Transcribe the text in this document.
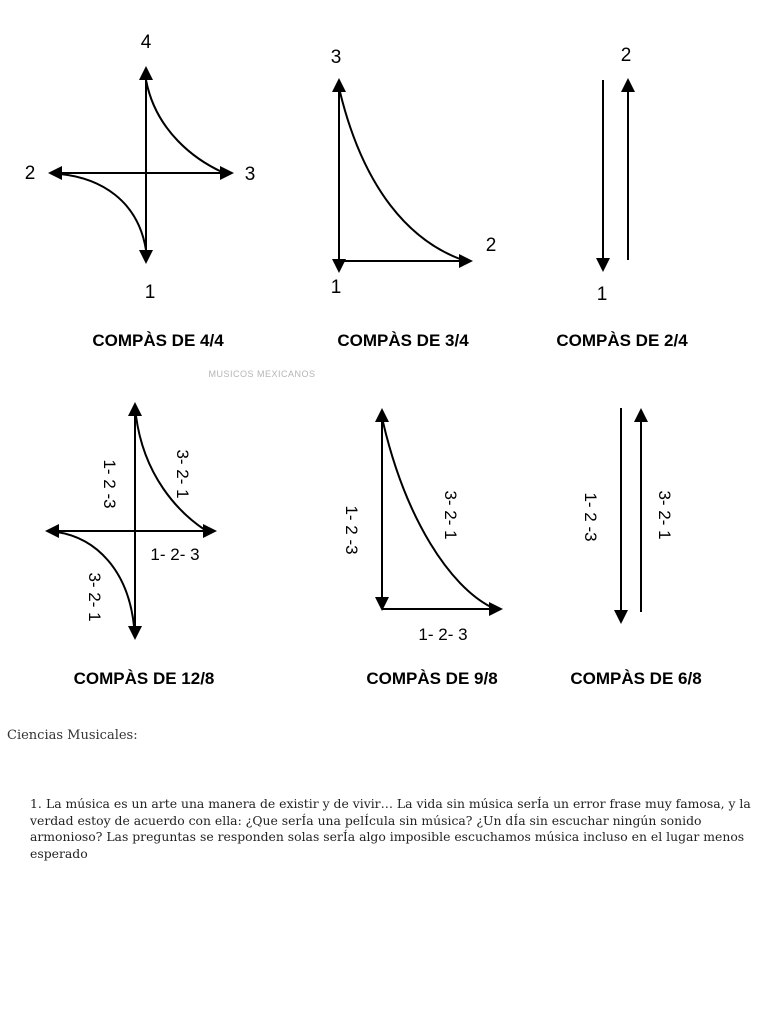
4
2	3
1
COMPÀS DE 4/4
3
2
1
COMPÀS DE 3/4
2
1
COMPÀS DE 2/4
MUSICOS MEXICANOS
1- 2 -3	3- 2- 1
1- 2- 3
3- 2- 1
COMPÀS DE 12/8
1- 2 -3	3- 2- 1
1- 2- 3
COMPÀS DE 9/8
1- 2 -3	3- 2- 1
COMPÀS DE 6/8
Ciencias Musicales:

1. La música es un arte una manera de existir y de vivir… La vida sin música serÍa un error frase muy famosa, y la verdad estoy de acuerdo con ella: ¿Que serÍa una pelÍcula sin música? ¿Un dÍa sin escuchar ningún sonido armonioso? Las preguntas se responden solas serÍa algo imposible escuchamos música incluso en el lugar menos esperado
